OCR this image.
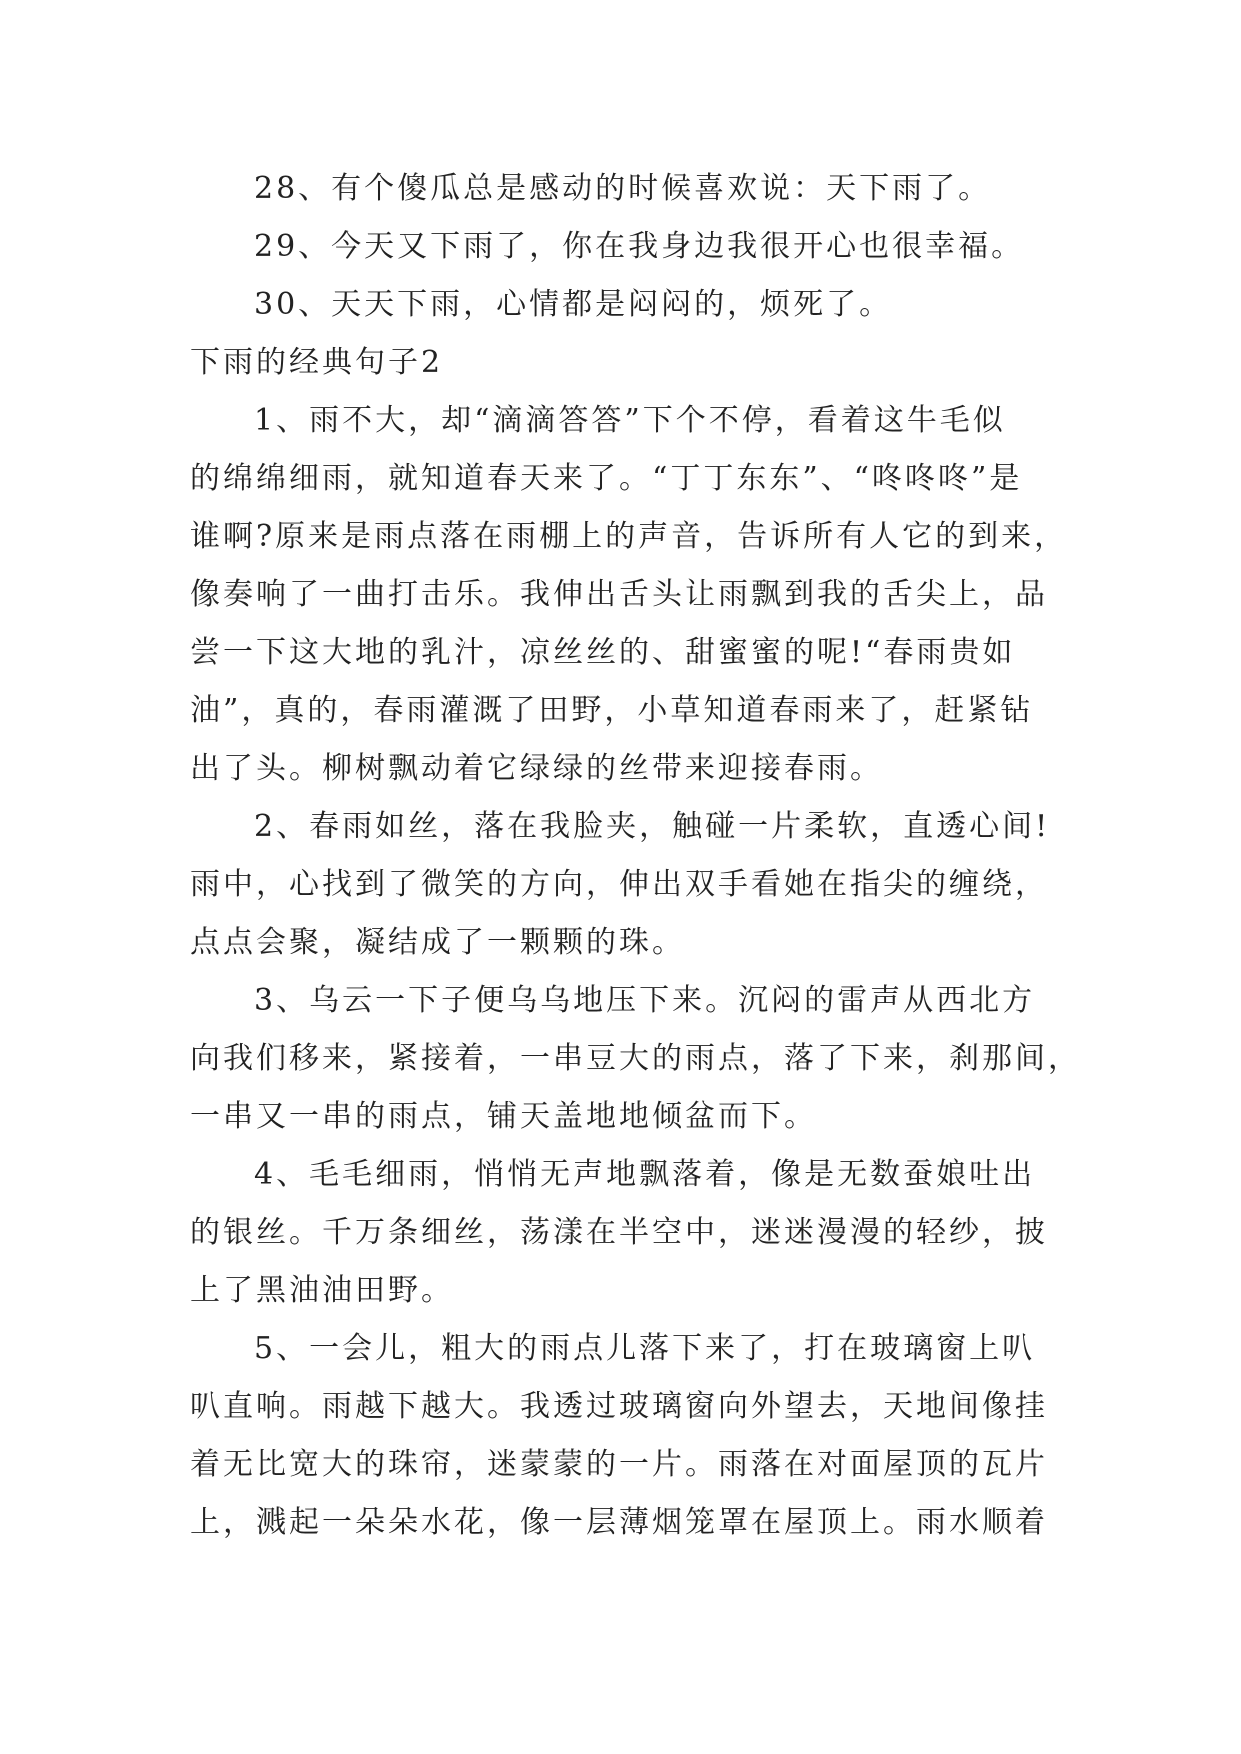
28、有个傻瓜总是感动的时候喜欢说：天下雨了。
29、今天又下雨了，你在我身边我很开心也很幸福。
30、天天下雨，心情都是闷闷的，烦死了。
下雨的经典句子2
1、雨不大，却“滴滴答答”下个不停，看着这牛毛似
的绵绵细雨，就知道春天来了。“丁丁东东”、“咚咚咚”是
谁啊?原来是雨点落在雨棚上的声音，告诉所有人它的到来，
像奏响了一曲打击乐。我伸出舌头让雨飘到我的舌尖上，品
尝一下这大地的乳汁，凉丝丝的、甜蜜蜜的呢!“春雨贵如
油”，真的，春雨灌溉了田野，小草知道春雨来了，赶紧钻
出了头。柳树飘动着它绿绿的丝带来迎接春雨。
2、春雨如丝，落在我脸夹，触碰一片柔软，直透心间!
雨中，心找到了微笑的方向，伸出双手看她在指尖的缠绕，
点点会聚，凝结成了一颗颗的珠。
3、乌云一下子便乌乌地压下来。沉闷的雷声从西北方
向我们移来，紧接着，一串豆大的雨点，落了下来，刹那间，
一串又一串的雨点，铺天盖地地倾盆而下。
4、毛毛细雨，悄悄无声地飘落着，像是无数蚕娘吐出
的银丝。千万条细丝，荡漾在半空中，迷迷漫漫的轻纱，披
上了黑油油田野。
5、一会儿，粗大的雨点儿落下来了，打在玻璃窗上叭
叭直响。雨越下越大。我透过玻璃窗向外望去，天地间像挂
着无比宽大的珠帘，迷蒙蒙的一片。雨落在对面屋顶的瓦片
上，溅起一朵朵水花，像一层薄烟笼罩在屋顶上。雨水顺着
